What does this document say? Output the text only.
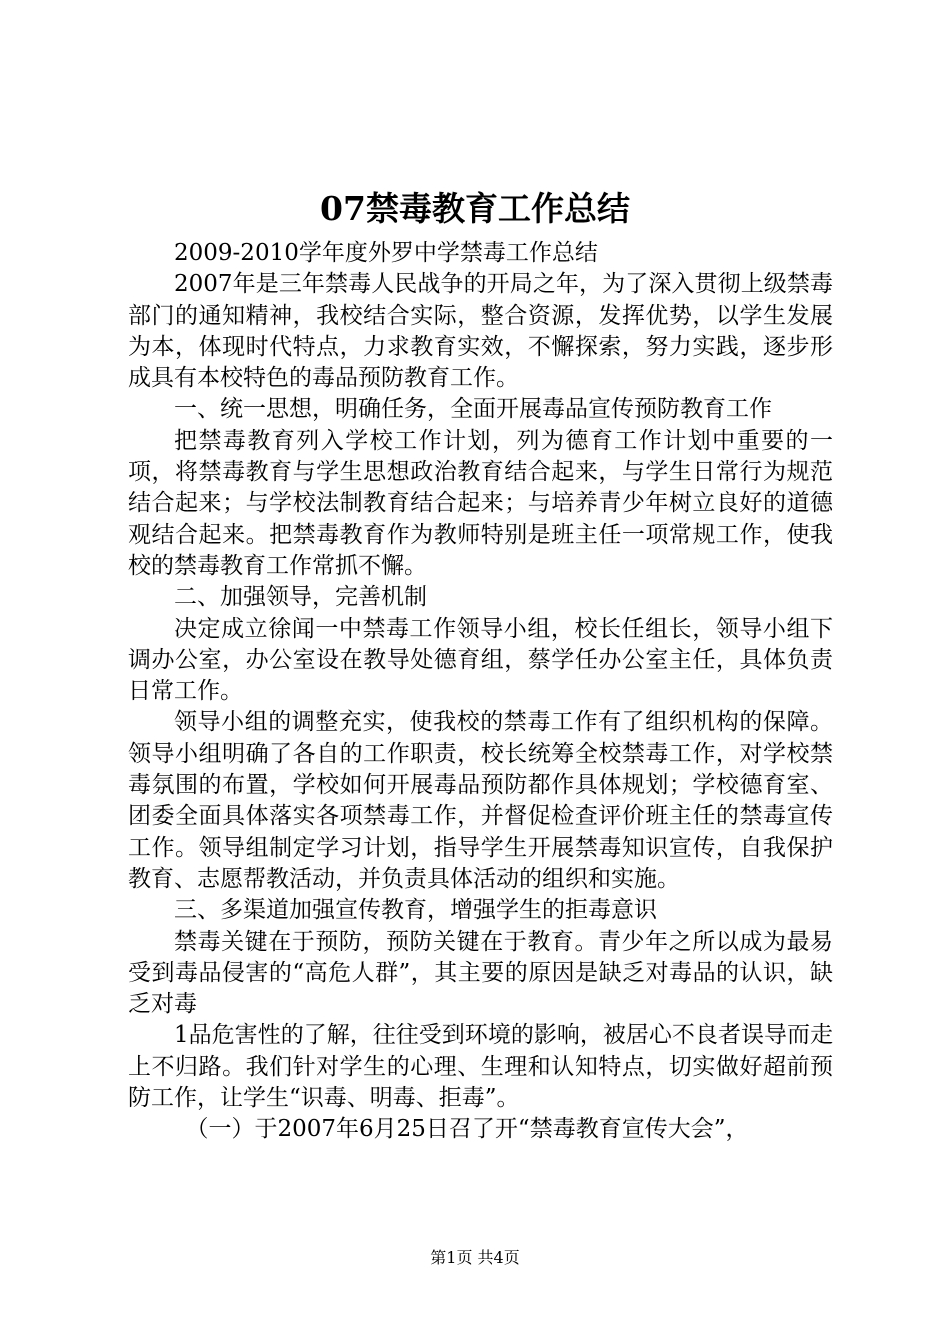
07禁毒教育工作总结

2009-2010学年度外罗中学禁毒工作总结

2007年是三年禁毒人民战争的开局之年，为了深入贯彻上级禁毒部门的通知精神，我校结合实际，整合资源，发挥优势，以学生发展为本，体现时代特点，力求教育实效，不懈探索，努力实践，逐步形成具有本校特色的毒品预防教育工作。

一、统一思想，明确任务，全面开展毒品宣传预防教育工作

把禁毒教育列入学校工作计划，列为德育工作计划中重要的一项，将禁毒教育与学生思想政治教育结合起来，与学生日常行为规范结合起来；与学校法制教育结合起来；与培养青少年树立良好的道德观结合起来。把禁毒教育作为教师特别是班主任一项常规工作，使我校的禁毒教育工作常抓不懈。

二、加强领导，完善机制

决定成立徐闻一中禁毒工作领导小组，校长任组长，领导小组下调办公室，办公室设在教导处德育组，蔡学任办公室主任，具体负责日常工作。

领导小组的调整充实，使我校的禁毒工作有了组织机构的保障。领导小组明确了各自的工作职责，校长统筹全校禁毒工作，对学校禁毒氛围的布置，学校如何开展毒品预防都作具体规划；学校德育室、团委全面具体落实各项禁毒工作，并督促检查评价班主任的禁毒宣传工作。领导组制定学习计划，指导学生开展禁毒知识宣传，自我保护教育、志愿帮教活动，并负责具体活动的组织和实施。

三、多渠道加强宣传教育，增强学生的拒毒意识

禁毒关键在于预防，预防关键在于教育。青少年之所以成为最易受到毒品侵害的“高危人群”，其主要的原因是缺乏对毒品的认识，缺乏对毒

1品危害性的了解，往往受到环境的影响，被居心不良者误导而走上不归路。我们针对学生的心理、生理和认知特点，切实做好超前预防工作，让学生“识毒、明毒、拒毒”。

（一）于2007年6月25日召了开“禁毒教育宣传大会”，

第1页 共4页
